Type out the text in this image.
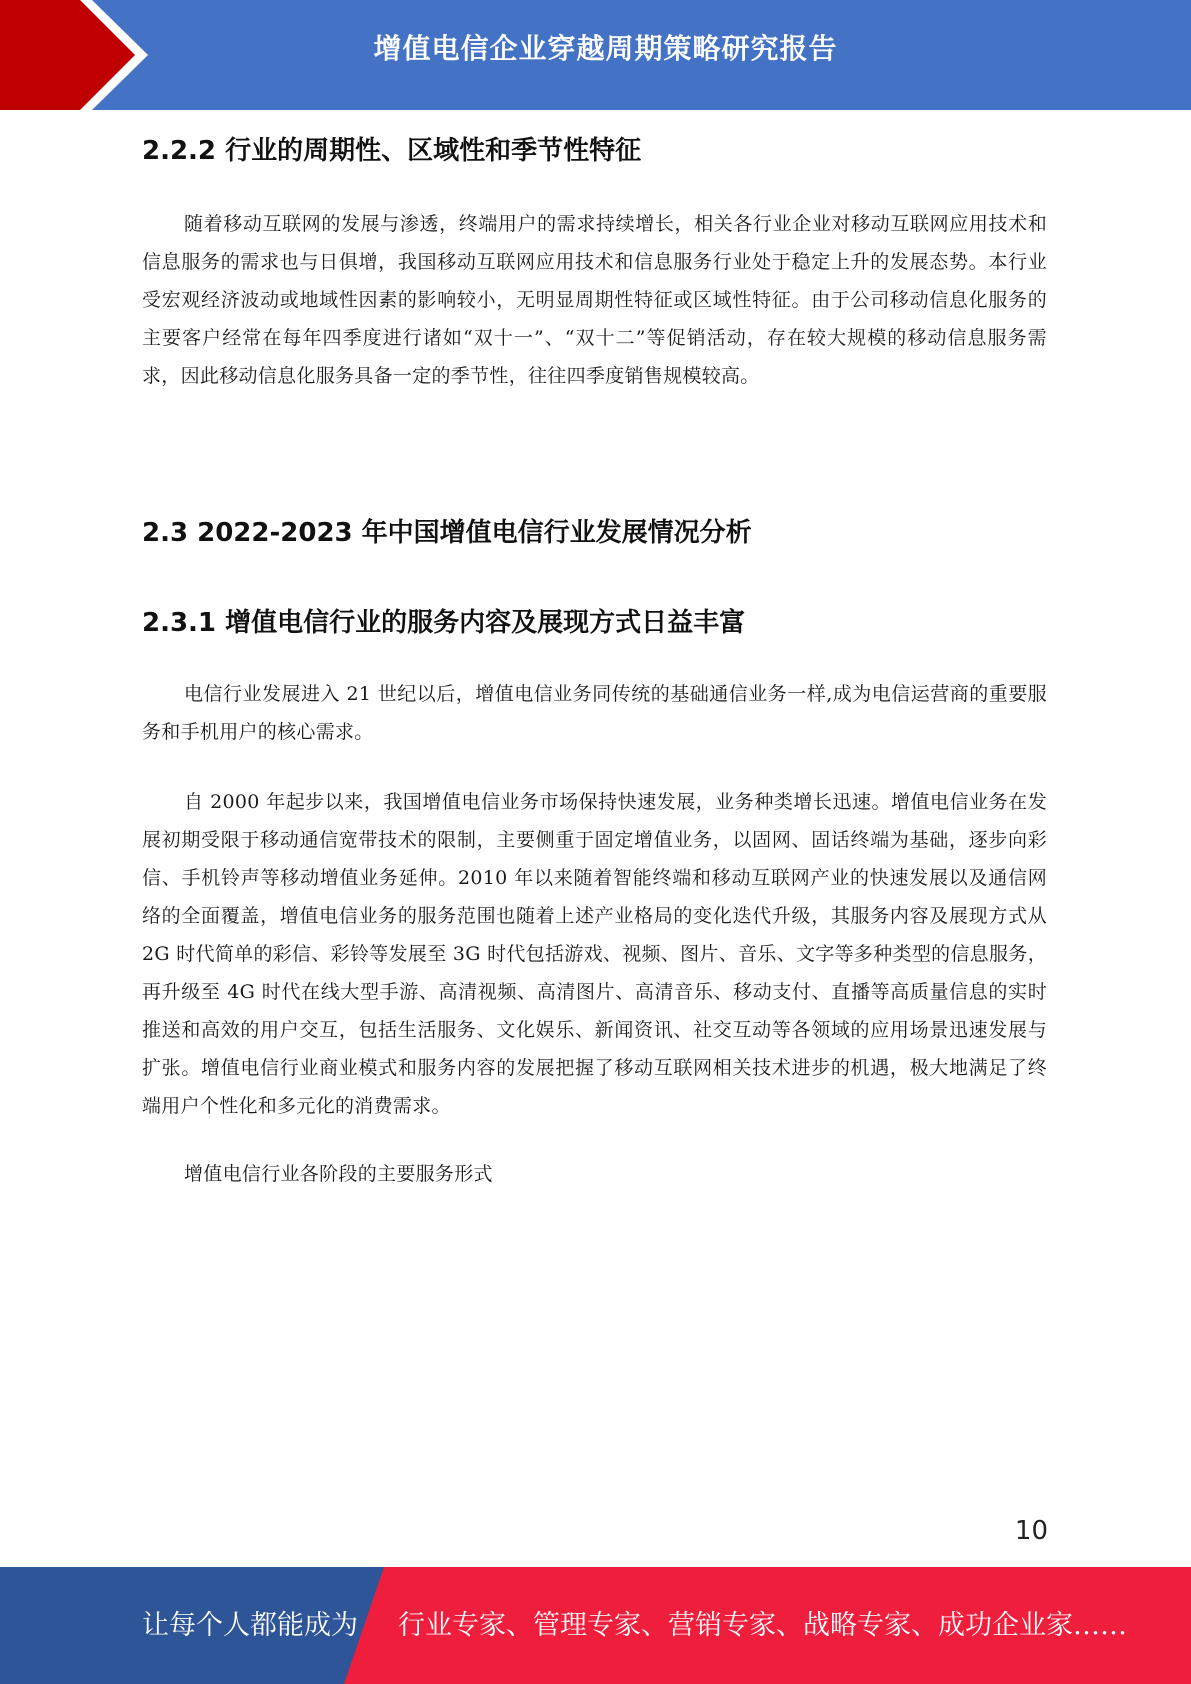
增值电信企业穿越周期策略研究报告
2.2.2 行业的周期性、区域性和季节性特征

随着移动互联网的发展与渗透，终端用户的需求持续增长，相关各行业企业对移动互联网应用技术和信息服务的需求也与日俱增，我国移动互联网应用技术和信息服务行业处于稳定上升的发展态势。本行业受宏观经济波动或地域性因素的影响较小，无明显周期性特征或区域性特征。由于公司移动信息化服务的主要客户经常在每年四季度进行诸如“双十一”、“双十二”等促销活动，存在较大规模的移动信息服务需求，因此移动信息化服务具备一定的季节性，往往四季度销售规模较高。

2.3 2022-2023 年中国增值电信行业发展情况分析
2.3.1 增值电信行业的服务内容及展现方式日益丰富

电信行业发展进入 21 世纪以后，增值电信业务同传统的基础通信业务一样,成为电信运营商的重要服务和手机用户的核心需求。

自 2000 年起步以来，我国增值电信业务市场保持快速发展，业务种类增长迅速。增值电信业务在发展初期受限于移动通信宽带技术的限制，主要侧重于固定增值业务，以固网、固话终端为基础，逐步向彩信、手机铃声等移动增值业务延伸。2010 年以来随着智能终端和移动互联网产业的快速发展以及通信网络的全面覆盖，增值电信业务的服务范围也随着上述产业格局的变化迭代升级，其服务内容及展现方式从 2G 时代简单的彩信、彩铃等发展至 3G 时代包括游戏、视频、图片、音乐、文字等多种类型的信息服务，再升级至 4G 时代在线大型手游、高清视频、高清图片、高清音乐、移动支付、直播等高质量信息的实时推送和高效的用户交互，包括生活服务、文化娱乐、新闻资讯、社交互动等各领域的应用场景迅速发展与扩张。增值电信行业商业模式和服务内容的发展把握了移动互联网相关技术进步的机遇，极大地满足了终端用户个性化和多元化的消费需求。

增值电信行业各阶段的主要服务形式

10
让每个人都能成为 行业专家、管理专家、营销专家、战略专家、成功企业家……
